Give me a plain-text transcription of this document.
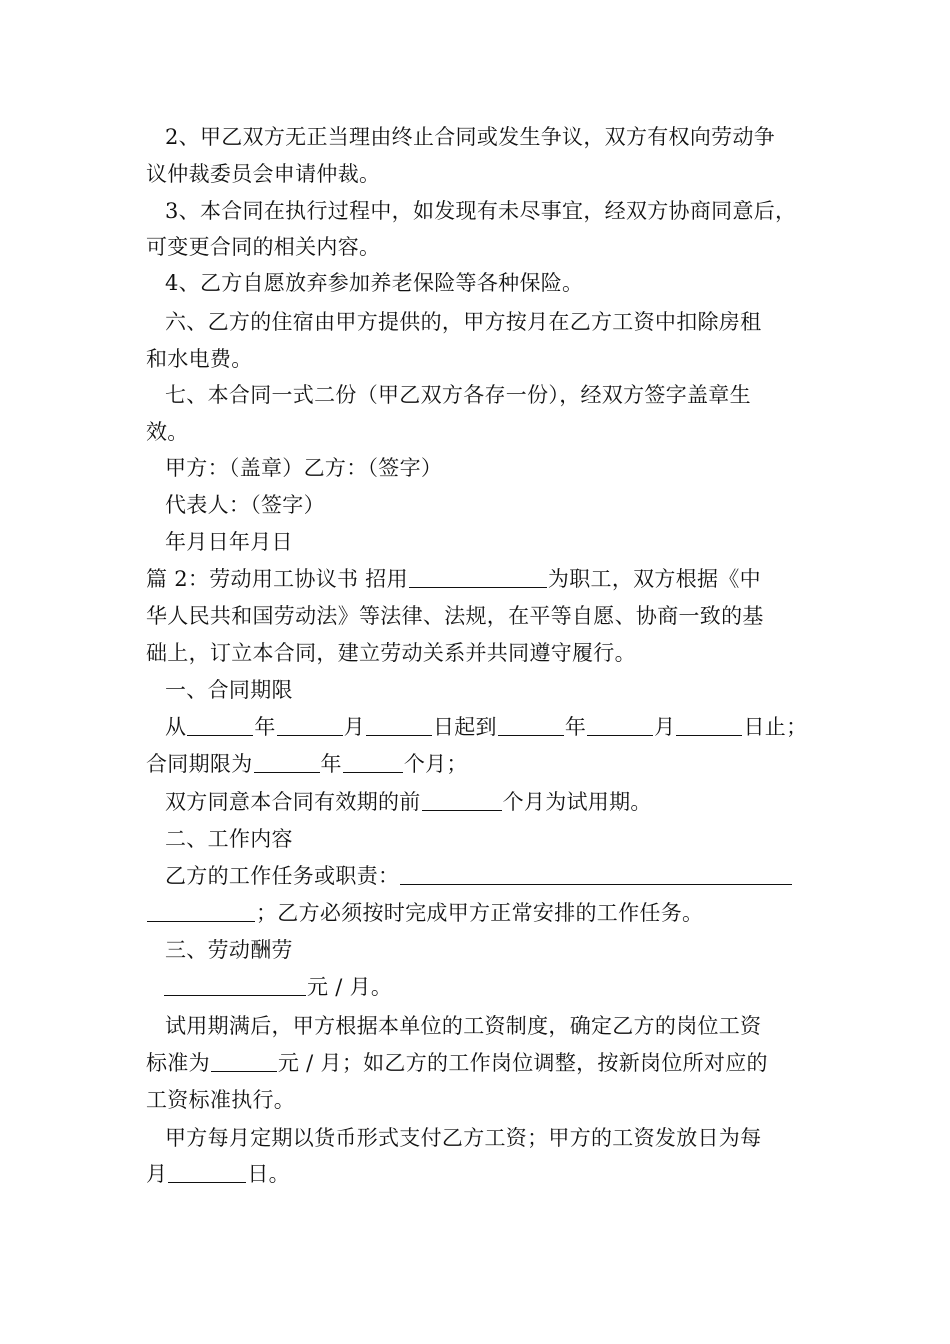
2、甲乙双方无正当理由终止合同或发生争议，双方有权向劳动争
议仲裁委员会申请仲裁。
3、本合同在执行过程中，如发现有未尽事宜，经双方协商同意后，
可变更合同的相关内容。
4、乙方自愿放弃参加养老保险等各种保险。
六、乙方的住宿由甲方提供的，甲方按月在乙方工资中扣除房租
和水电费。
七、本合同一式二份（甲乙双方各存一份），经双方签字盖章生
效。
甲方：（盖章）乙方：（签字）
代表人：（签字）
年月日年月日
篇 2：劳动用工协议书 招用	为职工，双方根据《中
华人民共和国劳动法》等法律、法规，在平等自愿、协商一致的基
础上，订立本合同，建立劳动关系并共同遵守履行。
一、合同期限
从	年	月	日起到	年	月	日止；
合同期限为	年	个月；
双方同意本合同有效期的前	个月为试用期。
二、工作内容
乙方的工作任务或职责：
；乙方必须按时完成甲方正常安排的工作任务。
三、劳动酬劳
元 / 月。
试用期满后，甲方根据本单位的工资制度，确定乙方的岗位工资
标准为	元 / 月；如乙方的工作岗位调整，按新岗位所对应的
工资标准执行。
甲方每月定期以货币形式支付乙方工资；甲方的工资发放日为每
月	日。
